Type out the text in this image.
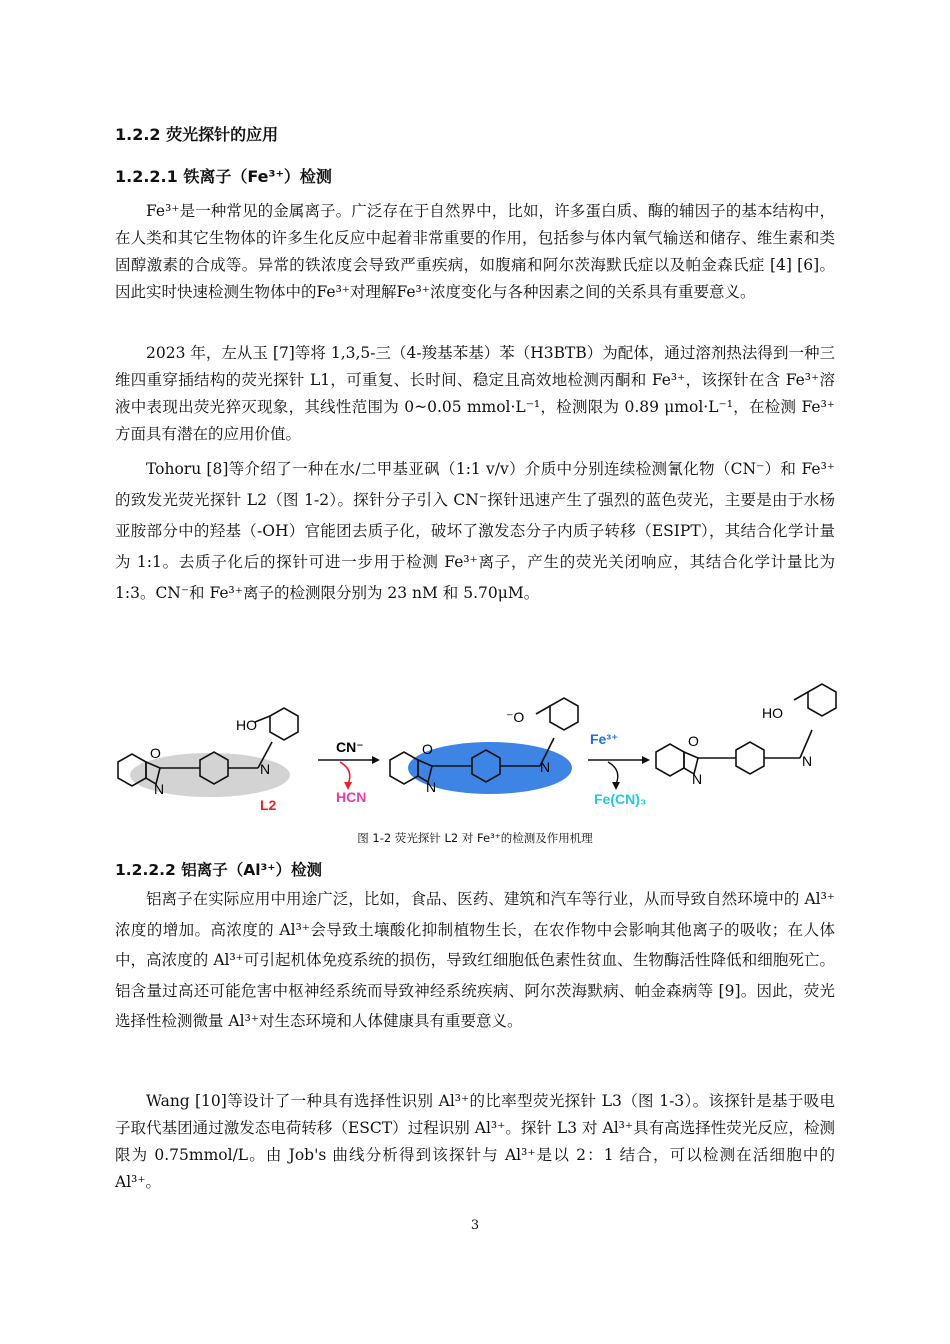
1.2.2 荧光探针的应用
1.2.2.1 铁离子（Fe³⁺）检测

Fe³⁺是一种常见的金属离子。广泛存在于自然界中，比如，许多蛋白质、酶的辅因子的基本结构中，在人类和其它生物体的许多生化反应中起着非常重要的作用，包括参与体内氧气输送和储存、维生素和类固醇激素的合成等。异常的铁浓度会导致严重疾病，如腹痛和阿尔茨海默氏症以及帕金森氏症 [4] [6]。因此实时快速检测生物体中的Fe³⁺对理解Fe³⁺浓度变化与各种因素之间的关系具有重要意义。

2023 年，左从玉 [7]等将 1,3,5-三（4-羧基苯基）苯（H3BTB）为配体，通过溶剂热法得到一种三维四重穿插结构的荧光探针 L1，可重复、长时间、稳定且高效地检测丙酮和 Fe³⁺，该探针在含 Fe³⁺溶液中表现出荧光猝灭现象，其线性范围为 0~0.05 mmol·L⁻¹，检测限为 0.89 μmol·L⁻¹，在检测 Fe³⁺方面具有潜在的应用价值。

Tohoru [8]等介绍了一种在水/二甲基亚砜（1:1 v/v）介质中分别连续检测氰化物（CN⁻）和 Fe³⁺的致发光荧光探针 L2（图 1-2）。探针分子引入 CN⁻探针迅速产生了强烈的蓝色荧光，主要是由于水杨亚胺部分中的羟基（-OH）官能团去质子化，破坏了激发态分子内质子转移（ESIPT），其结合化学计量为 1:1。去质子化后的探针可进一步用于检测 Fe³⁺离子，产生的荧光关闭响应，其结合化学计量比为 1:3。CN⁻和 Fe³⁺离子的检测限分别为 23 nM 和 5.70μM。

O
N
N
HO
L2
CN⁻
HCN
O
N
N
⁻O
Fe³⁺
Fe(CN)₃
O
N
N
HO
图 1-2 荧光探针 L2 对 Fe³⁺的检测及作用机理
1.2.2.2 铝离子（Al³⁺）检测

铝离子在实际应用中用途广泛，比如，食品、医药、建筑和汽车等行业，从而导致自然环境中的 Al³⁺浓度的增加。高浓度的 Al³⁺会导致土壤酸化抑制植物生长，在农作物中会影响其他离子的吸收；在人体中，高浓度的 Al³⁺可引起机体免疫系统的损伤，导致红细胞低色素性贫血、生物酶活性降低和细胞死亡。铝含量过高还可能危害中枢神经系统而导致神经系统疾病、阿尔茨海默病、帕金森病等 [9]。因此，荧光选择性检测微量 Al³⁺对生态环境和人体健康具有重要意义。

Wang [10]等设计了一种具有选择性识别 Al³⁺的比率型荧光探针 L3（图 1-3）。该探针是基于吸电子取代基团通过激发态电荷转移（ESCT）过程识别 Al³⁺。探针 L3 对 Al³⁺具有高选择性荧光反应，检测限为 0.75mmol/L。由 Job's 曲线分析得到该探针与 Al³⁺是以 2：1 结合，可以检测在活细胞中的 Al³⁺。

3
